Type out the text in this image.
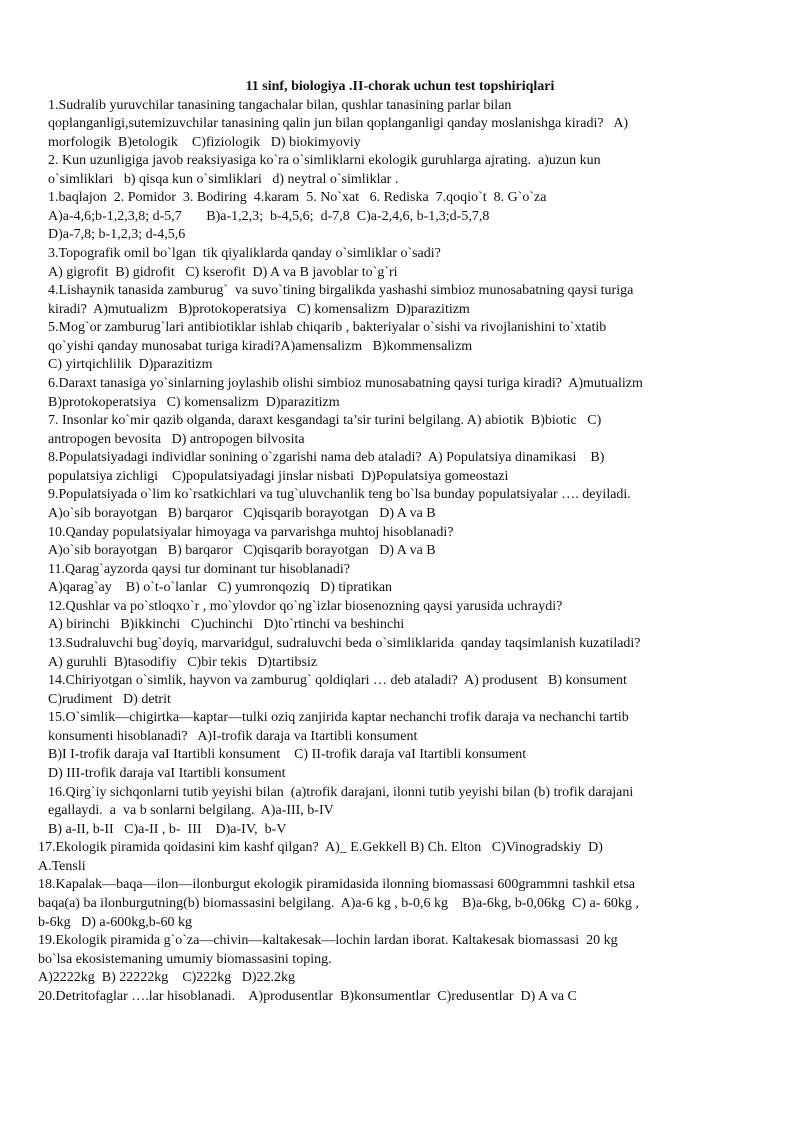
11 sinf, biologiya .II-chorak uchun test topshiriqlari
1.Sudralib yuruvchilar tanasining tangachalar bilan, qushlar tanasining parlar bilan
qoplanganligi,sutemizuvchilar tanasining qalin jun bilan qoplanganligi qanday moslanishga kiradi?   A)
morfologik  B)etologik    C)fiziologik   D) biokimyoviy
2. Kun uzunligiga javob reaksiyasiga ko`ra o`simliklarni ekologik guruhlarga ajrating.  a)uzun kun
o`simliklari   b) qisqa kun o`simliklari   d) neytral o`simliklar .
1.baqlajon  2. Pomidor  3. Bodiring  4.karam  5. No`xat   6. Rediska  7.qoqio`t  8. G`o`za
A)a-4,6;b-1,2,3,8; d-5,7       B)a-1,2,3;  b-4,5,6;  d-7,8  C)a-2,4,6, b-1,3;d-5,7,8
D)a-7,8; b-1,2,3; d-4,5,6
3.Topografik omil bo`lgan  tik qiyaliklarda qanday o`simliklar o`sadi?
A) gigrofit  B) gidrofit   C) kserofit  D) A va B javoblar to`g`ri
4.Lishaynik tanasida zamburug`  va suvo`tining birgalikda yashashi simbioz munosabatning qaysi turiga
kiradi?  A)mutualizm   B)protokoperatsiya   C) komensalizm  D)parazitizm
5.Mog`or zamburug`lari antibiotiklar ishlab chiqarib , bakteriyalar o`sishi va rivojlanishini to`xtatib
qo`yishi qanday munosabat turiga kiradi?A)amensalizm   B)kommensalizm
C) yirtqichlilik  D)parazitizm
6.Daraxt tanasiga yo`sinlarning joylashib olishi simbioz munosabatning qaysi turiga kiradi?  A)mutualizm
B)protokoperatsiya   C) komensalizm  D)parazitizm
7. Insonlar ko`mir qazib olganda, daraxt kesgandagi ta’sir turini belgilang. A) abiotik  B)biotic   C)
antropogen bevosita   D) antropogen bilvosita
8.Populatsiyadagi individlar sonining o`zgarishi nama deb ataladi?  A) Populatsiya dinamikasi    B)
populatsiya zichligi    C)populatsiyadagi jinslar nisbati  D)Populatsiya gomeostazi
9.Populatsiyada o`lim ko`rsatkichlari va tug`uluvchanlik teng bo`lsa bunday populatsiyalar …. deyiladi.
A)o`sib borayotgan   B) barqaror   C)qisqarib borayotgan   D) A va B
10.Qanday populatsiyalar himoyaga va parvarishga muhtoj hisoblanadi?
A)o`sib borayotgan   B) barqaror   C)qisqarib borayotgan   D) A va B
11.Qarag`ayzorda qaysi tur dominant tur hisoblanadi?
A)qarag`ay    B) o`t-o`lanlar   C) yumronqoziq   D) tipratikan
12.Qushlar va po`stloqxo`r , mo`ylovdor qo`ng`izlar biosenozning qaysi yarusida uchraydi?
A) birinchi   B)ikkinchi   C)uchinchi   D)to`rtinchi va beshinchi
13.Sudraluvchi bug`doyiq, marvaridgul, sudraluvchi beda o`simliklarida  qanday taqsimlanish kuzatiladi?
A) guruhli  B)tasodifiy   C)bir tekis   D)tartibsiz
14.Chiriyotgan o`simlik, hayvon va zamburug` qoldiqlari … deb ataladi?  A) produsent   B) konsument
C)rudiment   D) detrit
15.O`simlik—chigirtka—kaptar—tulki oziq zanjirida kaptar nechanchi trofik daraja va nechanchi tartib
konsumenti hisoblanadi?   A)I-trofik daraja va Itartibli konsument
B)I I-trofik daraja vaI Itartibli konsument    C) II-trofik daraja vaI Itartibli konsument
D) III-trofik daraja vaI Itartibli konsument
16.Qirg`iy sichqonlarni tutib yeyishi bilan  (a)trofik darajani, ilonni tutib yeyishi bilan (b) trofik darajani
egallaydi.  a  va b sonlarni belgilang.  A)a-III, b-IV
B) a-II, b-II   C)a-II , b-  III    D)a-IV,  b-V
17.Ekologik piramida qoidasini kim kashf qilgan?  A)_ E.Gekkell B) Ch. Elton   C)Vinogradskiy  D)
A.Tensli
18.Kapalak—baqa—ilon—ilonburgut ekologik piramidasida ilonning biomassasi 600grammni tashkil etsa
baqa(a) ba ilonburgutning(b) biomassasini belgilang.  A)a-6 kg , b-0,6 kg    B)a-6kg, b-0,06kg  C) a- 60kg ,
b-6kg   D) a-600kg,b-60 kg
19.Ekologik piramida g`o`za—chivin—kaltakesak—lochin lardan iborat. Kaltakesak biomassasi  20 kg
bo`lsa ekosistemaning umumiy biomassasini toping.
A)2222kg  B) 22222kg    C)222kg   D)22.2kg
20.Detritofaglar ….lar hisoblanadi.    A)produsentlar  B)konsumentlar  C)redusentlar  D) A va C
